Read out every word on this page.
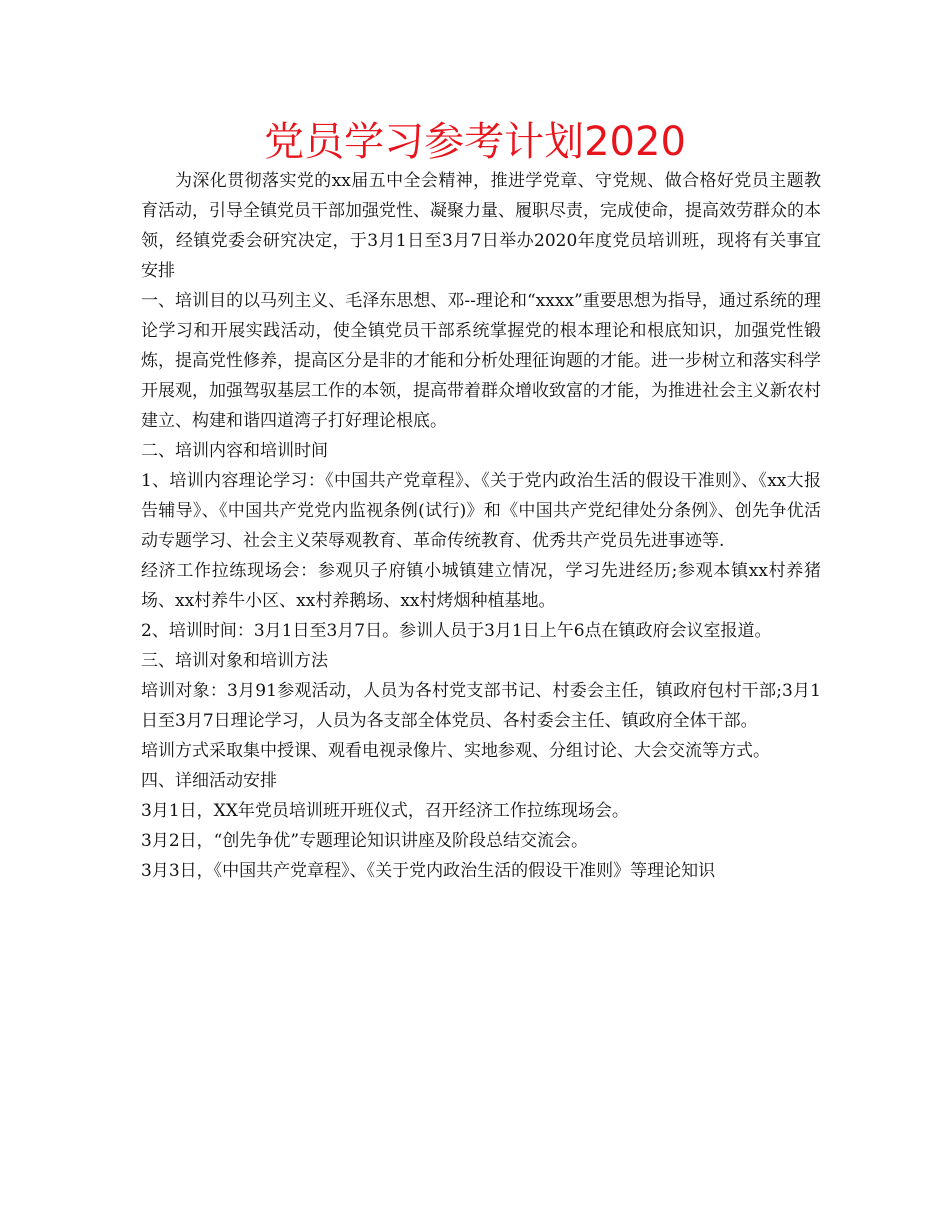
党员学习参考计划2020

为深化贯彻落实党的xx届五中全会精神，推进学党章、守党规、做合格好党员主题教育活动，引导全镇党员干部加强党性、凝聚力量、履职尽责，完成使命，提高效劳群众的本领，经镇党委会研究决定，于3月1日至3月7日举办2020年度党员培训班，现将有关事宜安排

一、培训目的以马列主义、毛泽东思想、邓--理论和“xxxx”重要思想为指导，通过系统的理论学习和开展实践活动，使全镇党员干部系统掌握党的根本理论和根底知识，加强党性锻炼，提高党性修养，提高区分是非的才能和分析处理征询题的才能。进一步树立和落实科学开展观，加强驾驭基层工作的本领，提高带着群众增收致富的才能，为推进社会主义新农村建立、构建和谐四道湾子打好理论根底。

二、培训内容和培训时间

1、培训内容理论学习：《中国共产党章程》、《关于党内政治生活的假设干准则》、《xx大报告辅导》、《中国共产党党内监视条例(试行)》和《中国共产党纪律处分条例》、创先争优活动专题学习、社会主义荣辱观教育、革命传统教育、优秀共产党员先进事迹等.

经济工作拉练现场会：参观贝子府镇小城镇建立情况，学习先进经历;参观本镇xx村养猪场、xx村养牛小区、xx村养鹅场、xx村烤烟种植基地。

2、培训时间：3月1日至3月7日。参训人员于3月1日上午6点在镇政府会议室报道。

三、培训对象和培训方法

培训对象：3月91参观活动，人员为各村党支部书记、村委会主任，镇政府包村干部;3月1日至3月7日理论学习，人员为各支部全体党员、各村委会主任、镇政府全体干部。

培训方式采取集中授课、观看电视录像片、实地参观、分组讨论、大会交流等方式。

四、详细活动安排

3月1日，XX年党员培训班开班仪式，召开经济工作拉练现场会。

3月2日，“创先争优”专题理论知识讲座及阶段总结交流会。

3月3日，《中国共产党章程》、《关于党内政治生活的假设干准则》等理论知识
